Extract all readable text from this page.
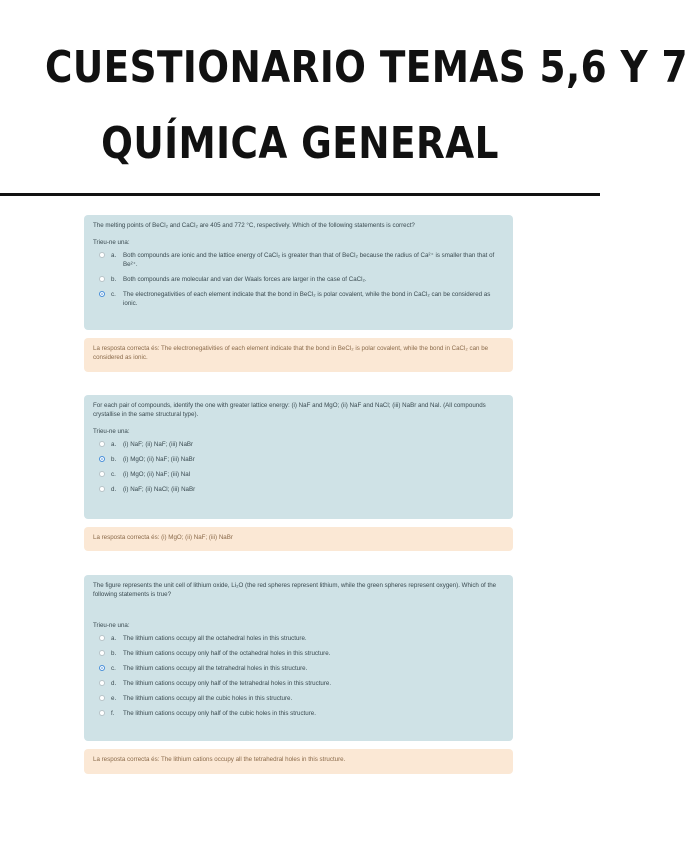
CUESTIONARIO TEMAS 5,6 Y 7
QUÍMICA GENERAL

The melting points of BeCl₂ and CaCl₂ are 405 and 772 °C, respectively. Which of the following statements is correct?

Trieu-ne una:

a.	Both compounds are ionic and the lattice energy of CaCl₂ is greater than that of BeCl₂ because the radius of Ca²⁺ is smaller than that of Be²⁺.
b.	Both compounds are molecular and van der Waals forces are larger in the case of CaCl₂.
c.	The electronegativities of each element indicate that the bond in BeCl₂ is polar covalent, while the bond in CaCl₂ can be considered as ionic.
La resposta correcta és: The electronegativities of each element indicate that the bond in BeCl₂ is polar covalent, while the bond in CaCl₂ can be considered as ionic.

For each pair of compounds, identify the one with greater lattice energy: (i) NaF and MgO; (ii) NaF and NaCl; (iii) NaBr and NaI. (All compounds crystallise in the same structural type).

Trieu-ne una:

a.	(i) NaF; (ii) NaF; (iii) NaBr
b.	(i) MgO; (ii) NaF; (iii) NaBr
c.	(i) MgO; (ii) NaF; (iii) NaI
d.	(i) NaF; (ii) NaCl; (iii) NaBr
La resposta correcta és: (i) MgO; (ii) NaF; (iii) NaBr

The figure represents the unit cell of lithium oxide, Li₂O (the red spheres represent lithium, while the green spheres represent oxygen). Which of the following statements is true?

Trieu-ne una:

a.	The lithium cations occupy all the octahedral holes in this structure.
b.	The lithium cations occupy only half of the octahedral holes in this structure.
c.	The lithium cations occupy all the tetrahedral holes in this structure.
d.	The lithium cations occupy only half of the tetrahedral holes in this structure.
e.	The lithium cations occupy all the cubic holes in this structure.
f.	The lithium cations occupy only half of the cubic holes in this structure.
La resposta correcta és: The lithium cations occupy all the tetrahedral holes in this structure.
